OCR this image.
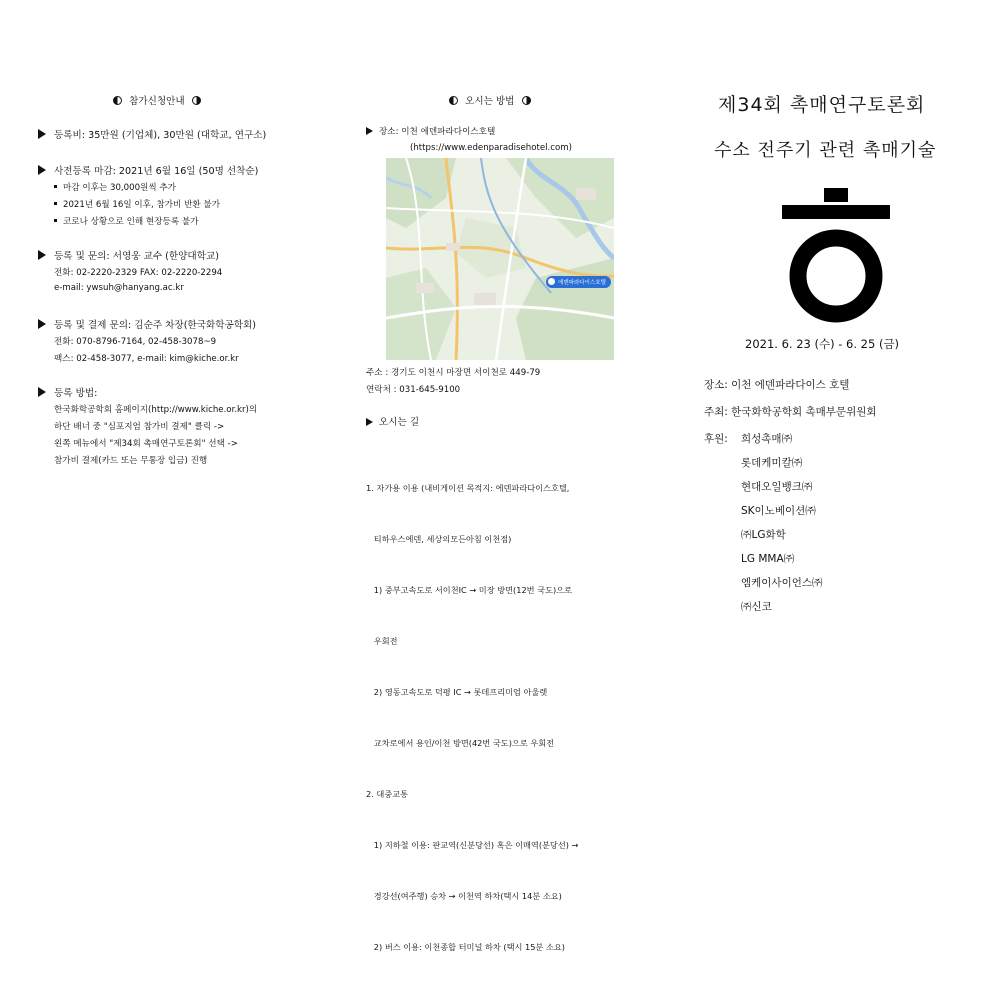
참가신청안내
등록비: 35만원 (기업체), 30만원 (대학교, 연구소)
사전등록 마감: 2021년 6월 16일 (50명 선착순)
마감 이후는 30,000원씩 추가
2021년 6월 16일 이후, 참가비 반환 불가
코로나 상황으로 인해 현장등록 불가
등록 및 문의: 서영웅 교수 (한양대학교)
전화: 02-2220-2329 FAX: 02-2220-2294
e-mail: ywsuh@hanyang.ac.kr
등록 및 결제 문의: 김순주 차장(한국화학공학회)
전화: 070-8796-7164, 02-458-3078~9
팩스: 02-458-3077, e-mail: kim@kiche.or.kr
등록 방법:
한국화학공학회 홈페이지(http://www.kiche.or.kr)의
하단 배너 중 "심포지엄 참가비 결제" 클릭 ->
왼쪽 메뉴에서 "제34회 촉매연구토론회" 선택 ->
참가비 결제(카드 또는 무통장 입금) 진행
오시는 방법
장소: 이천 에덴파라다이스호텔
(https://www.edenparadisehotel.com)
에덴파라다이스호텔
주소 : 경기도 이천시 마장면 서이천로 449-79
연락처 : 031-645-9100
오시는 길

1. 자가용 이용 (내비게이션 목적지: 에덴파라다이스호텔,

티하우스에덴, 세상의모든아침 이천점)

1) 중부고속도로 서이천IC → 미장 방면(12번 국도)으로

우회전

2) 영동고속도로 덕평 IC → 롯데프리미엄 아울렛

교차로에서 용인/이천 방면(42번 국도)으로 우회전

2. 대중교통

1) 지하철 이용: 판교역(신분당선) 혹은 이매역(분당선) →

경강선(여주행) 승차 → 이천역 하차(택시 14분 소요)

2) 버스 이용: 이천종합 터미널 하차 (택시 15분 소요)

제34회 촉매연구토론회
수소 전주기 관련 촉매기술
2021. 6. 23 (수) - 6. 25 (금)
장소: 이천 에덴파라다이스 호텔
주최: 한국화학공학회 촉매부문위원회
후원: 희성촉매㈜
롯데케미칼㈜
현대오일뱅크㈜
SK이노베이션㈜
㈜LG화학
LG MMA㈜
엠케이사이언스㈜
㈜신코
